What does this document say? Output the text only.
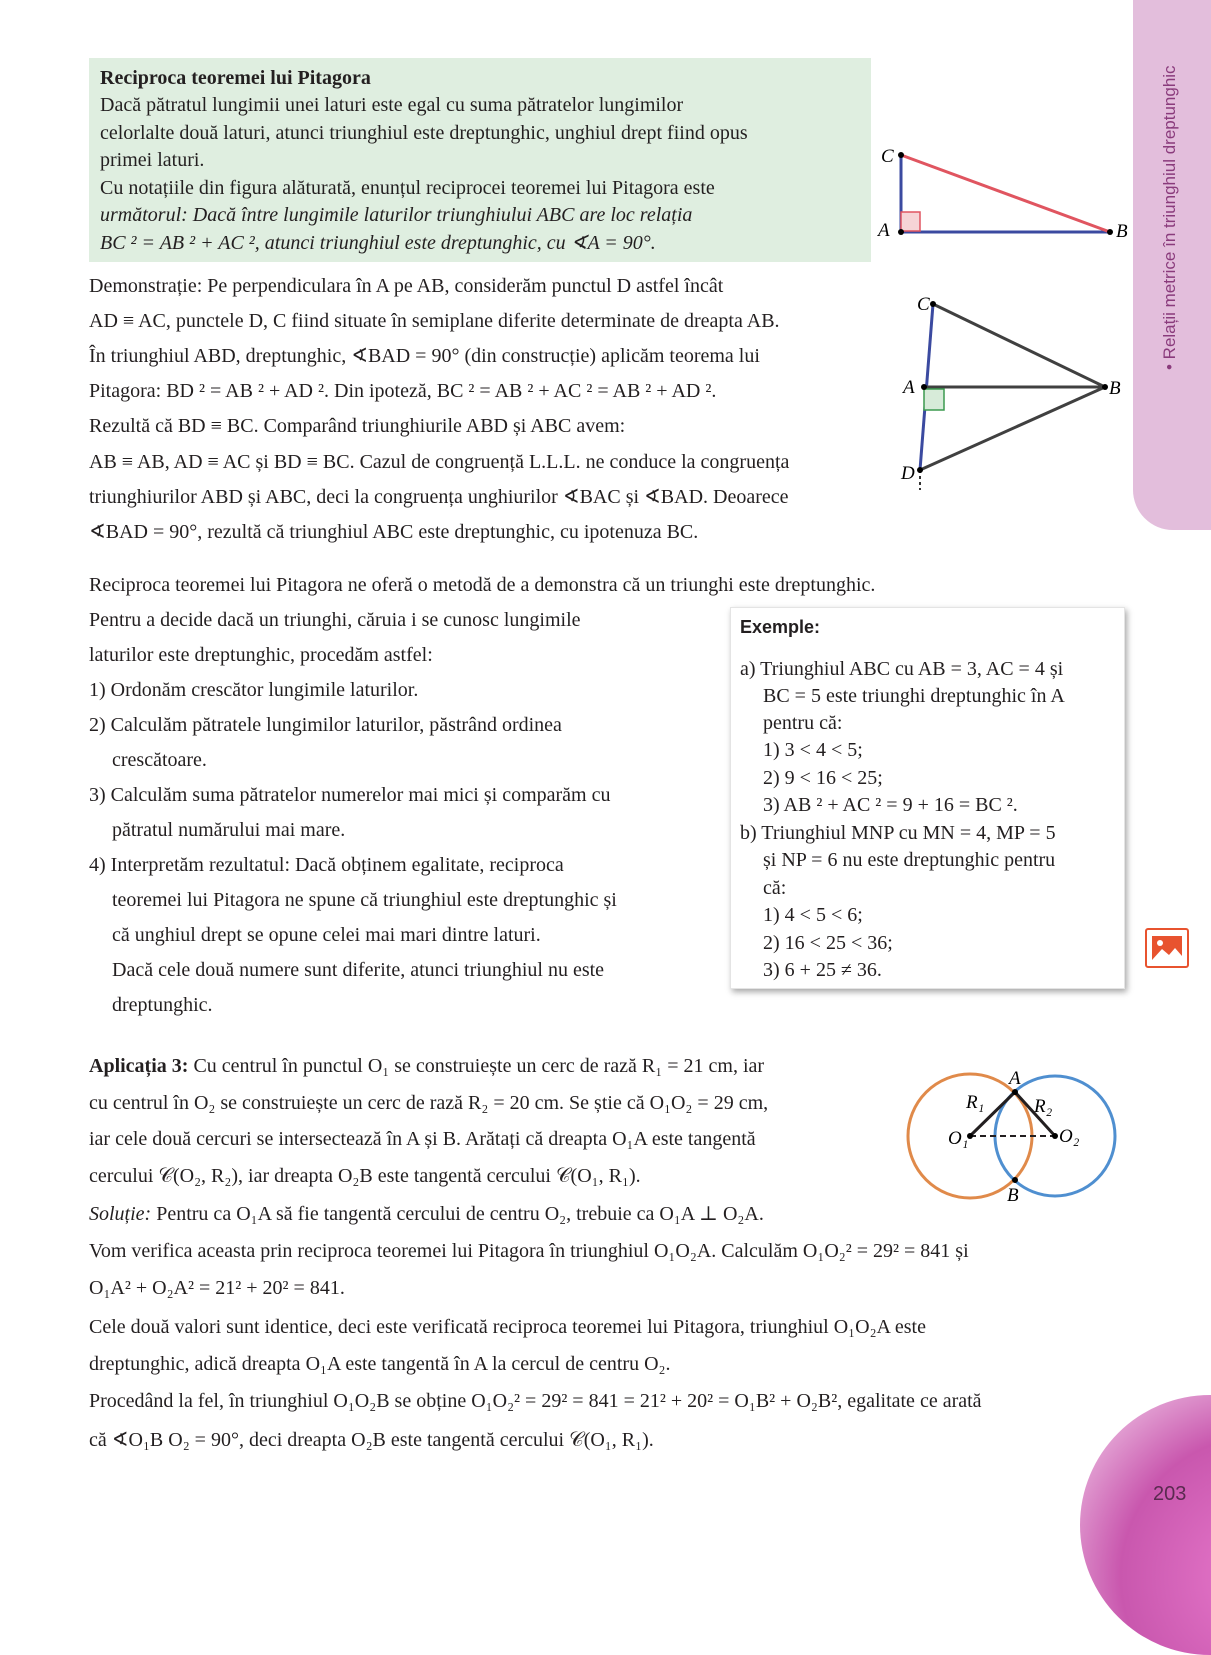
• Relații metrice în triunghiul dreptunghic
Reciproca teoremei lui Pitagora
Dacă pătratul lungimii unei laturi este egal cu suma pătratelor lungimilor
celorlalte două laturi, atunci triunghiul este dreptunghic, unghiul drept fiind opus
primei laturi.
Cu notațiile din figura alăturată, enunțul reciprocei teoremei lui Pitagora este
următorul: Dacă între lungimile laturilor triunghiului ABC are loc relația
BC ² = AB ² + AC ², atunci triunghiul este dreptunghic, cu ∢A = 90°.
C
A	B
C
A	B
D
Demonstrație: Pe perpendiculara în A pe AB, considerăm punctul D astfel încât
AD ≡ AC, punctele D, C fiind situate în semiplane diferite determinate de dreapta AB.
În triunghiul ABD, dreptunghic, ∢BAD = 90° (din construcție) aplicăm teorema lui
Pitagora: BD ² = AB ² + AD ². Din ipoteză, BC ² = AB ² + AC ² = AB ² + AD ².
Rezultă că BD ≡ BC. Comparând triunghiurile ABD și ABC avem:
AB ≡ AB, AD ≡ AC și BD ≡ BC. Cazul de congruență L.L.L. ne conduce la congruența
triunghiurilor ABD și ABC, deci la congruența unghiurilor ∢BAC și ∢BAD. Deoarece
∢BAD = 90°, rezultă că triunghiul ABC este dreptunghic, cu ipotenuza BC.
Reciproca teoremei lui Pitagora ne oferă o metodă de a demonstra că un triunghi este dreptunghic.
Pentru a decide dacă un triunghi, căruia i se cunosc lungimile
laturilor este dreptunghic, procedăm astfel:
1) Ordonăm crescător lungimile laturilor.
2) Calculăm pătratele lungimilor laturilor, păstrând ordinea
crescătoare.
3) Calculăm suma pătratelor numerelor mai mici și comparăm cu
pătratul numărului mai mare.
4) Interpretăm rezultatul: Dacă obținem egalitate, reciproca
teoremei lui Pitagora ne spune că triunghiul este dreptunghic și
că unghiul drept se opune celei mai mari dintre laturi.
Dacă cele două numere sunt diferite, atunci triunghiul nu este
dreptunghic.
Exemple:
a) Triunghiul ABC cu AB = 3, AC = 4 și
BC = 5 este triunghi dreptunghic în A
pentru că:
1) 3 < 4 < 5;
2) 9 < 16 < 25;
3) AB ² + AC ² = 9 + 16 = BC ².
b) Triunghiul MNP cu MN = 4, MP = 5
și NP = 6 nu este dreptunghic pentru
că:
1) 4 < 5 < 6;
2) 16 < 25 < 36;
3) 6 + 25 ≠ 36.
Aplicația 3: Cu centrul în punctul O₁ se construiește un cerc de rază R₁ = 21 cm, iar
cu centrul în O₂ se construiește un cerc de rază R₂ = 20 cm. Se știe că O₁O₂ = 29 cm,
iar cele două cercuri se intersectează în A și B. Arătați că dreapta O₁A este tangentă
cercului 𝒞(O₂, R₂), iar dreapta O₂B este tangentă cercului 𝒞(O₁, R₁).
Soluție: Pentru ca O₁A să fie tangentă cercului de centru O₂, trebuie ca O₁A ⊥ O₂A.
Vom verifica aceasta prin reciproca teoremei lui Pitagora în triunghiul O₁O₂A. Calculăm O₁O₂² = 29² = 841 și
O₁A² + O₂A² = 21² + 20² = 841.
Cele două valori sunt identice, deci este verificată reciproca teoremei lui Pitagora, triunghiul O₁O₂A este
dreptunghic, adică dreapta O₁A este tangentă în A la cercul de centru O₂.
Procedând la fel, în triunghiul O₁O₂B se obține O₁O₂² = 29² = 841 = 21² + 20² = O₁B² + O₂B², egalitate ce arată
că ∢O₁B O₂ = 90°, deci dreapta O₂B este tangentă cercului 𝒞(O₁, R₁).
A
B
R₁	R₂
O₁	O₂
203
